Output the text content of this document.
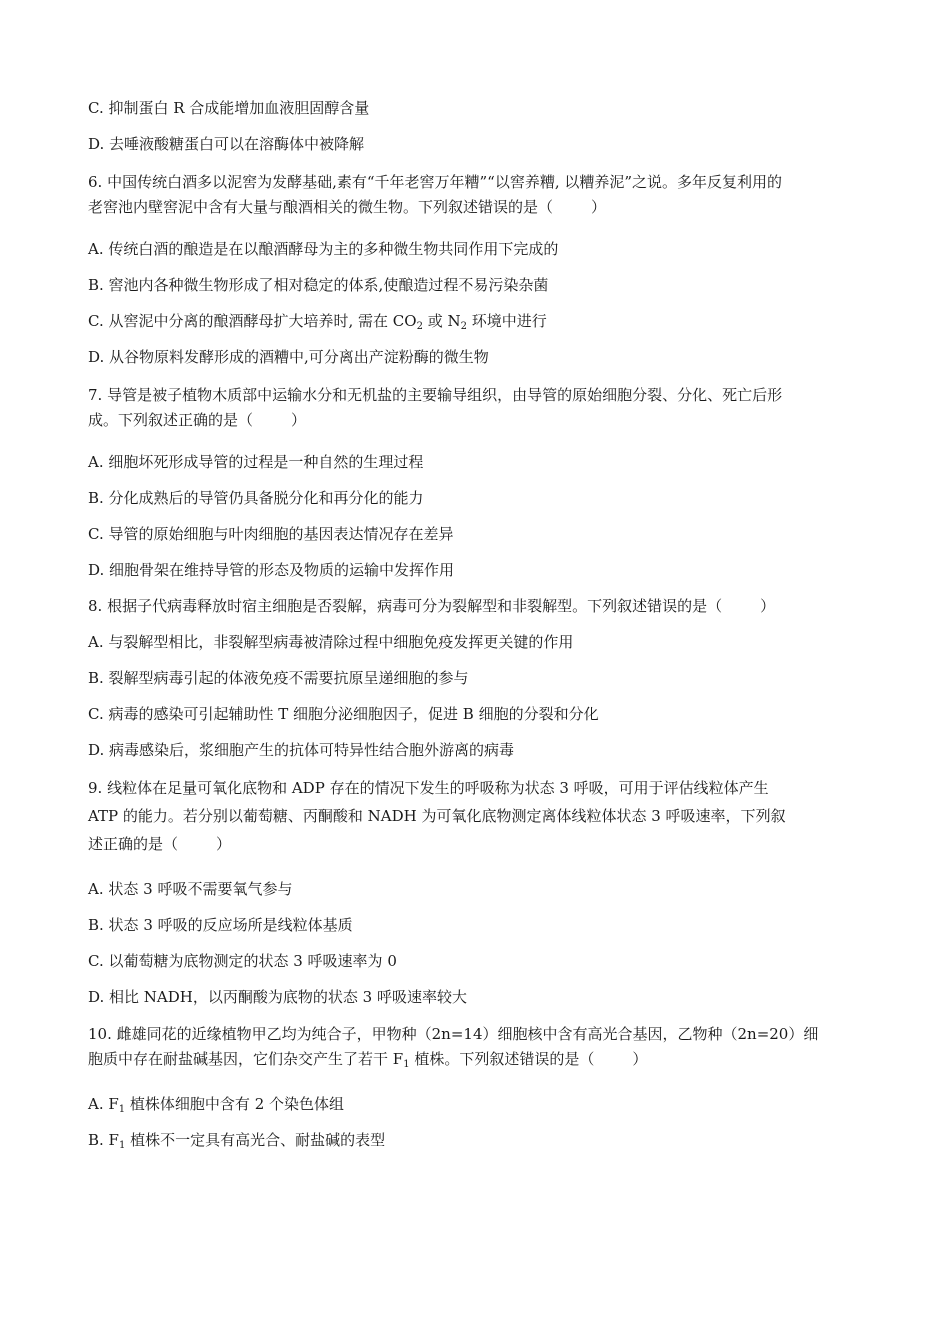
C. 抑制蛋白 R 合成能增加血液胆固醇含量
D. 去唾液酸糖蛋白可以在溶酶体中被降解
6. 中国传统白酒多以泥窖为发酵基础,素有“千年老窖万年糟”“以窖养糟, 以糟养泥”之说。多年反复利用的
老窖池内壁窖泥中含有大量与酿酒相关的微生物。下列叙述错误的是（	）
A. 传统白酒的酿造是在以酿酒酵母为主的多种微生物共同作用下完成的
B. 窖池内各种微生物形成了相对稳定的体系,使酿造过程不易污染杂菌
C. 从窖泥中分离的酿酒酵母扩大培养时, 需在 $CO_2$ 或 $N_2$ 环境中进行
D. 从谷物原料发酵形成的酒糟中,可分离出产淀粉酶的微生物
7. 导管是被子植物木质部中运输水分和无机盐的主要输导组织，由导管的原始细胞分裂、分化、死亡后形
成。下列叙述正确的是（	）
A. 细胞坏死形成导管的过程是一种自然的生理过程
B. 分化成熟后的导管仍具备脱分化和再分化的能力
C. 导管的原始细胞与叶肉细胞的基因表达情况存在差异
D. 细胞骨架在维持导管的形态及物质的运输中发挥作用
8. 根据子代病毒释放时宿主细胞是否裂解，病毒可分为裂解型和非裂解型。下列叙述错误的是（	）
A. 与裂解型相比，非裂解型病毒被清除过程中细胞免疫发挥更关键的作用
B. 裂解型病毒引起的体液免疫不需要抗原呈递细胞的参与
C. 病毒的感染可引起辅助性 T 细胞分泌细胞因子，促进 B 细胞的分裂和分化
D. 病毒感染后，浆细胞产生的抗体可特异性结合胞外游离的病毒
9. 线粒体在足量可氧化底物和 ADP 存在的情况下发生的呼吸称为状态 3 呼吸，可用于评估线粒体产生
ATP 的能力。若分别以葡萄糖、丙酮酸和 NADH 为可氧化底物测定离体线粒体状态 3 呼吸速率，下列叙
述正确的是（	）
A. 状态 3 呼吸不需要氧气参与
B. 状态 3 呼吸的反应场所是线粒体基质
C. 以葡萄糖为底物测定的状态 3 呼吸速率为 0
D. 相比 NADH，以丙酮酸为底物的状态 3 呼吸速率较大
10. 雌雄同花的近缘植物甲乙均为纯合子，甲物种（2n=14）细胞核中含有高光合基因，乙物种（2n=20）细
胞质中存在耐盐碱基因，它们杂交产生了若干 $F_1$ 植株。下列叙述错误的是（	）
A. $F_1$ 植株体细胞中含有 2 个染色体组
B. $F_1$ 植株不一定具有高光合、耐盐碱的表型
